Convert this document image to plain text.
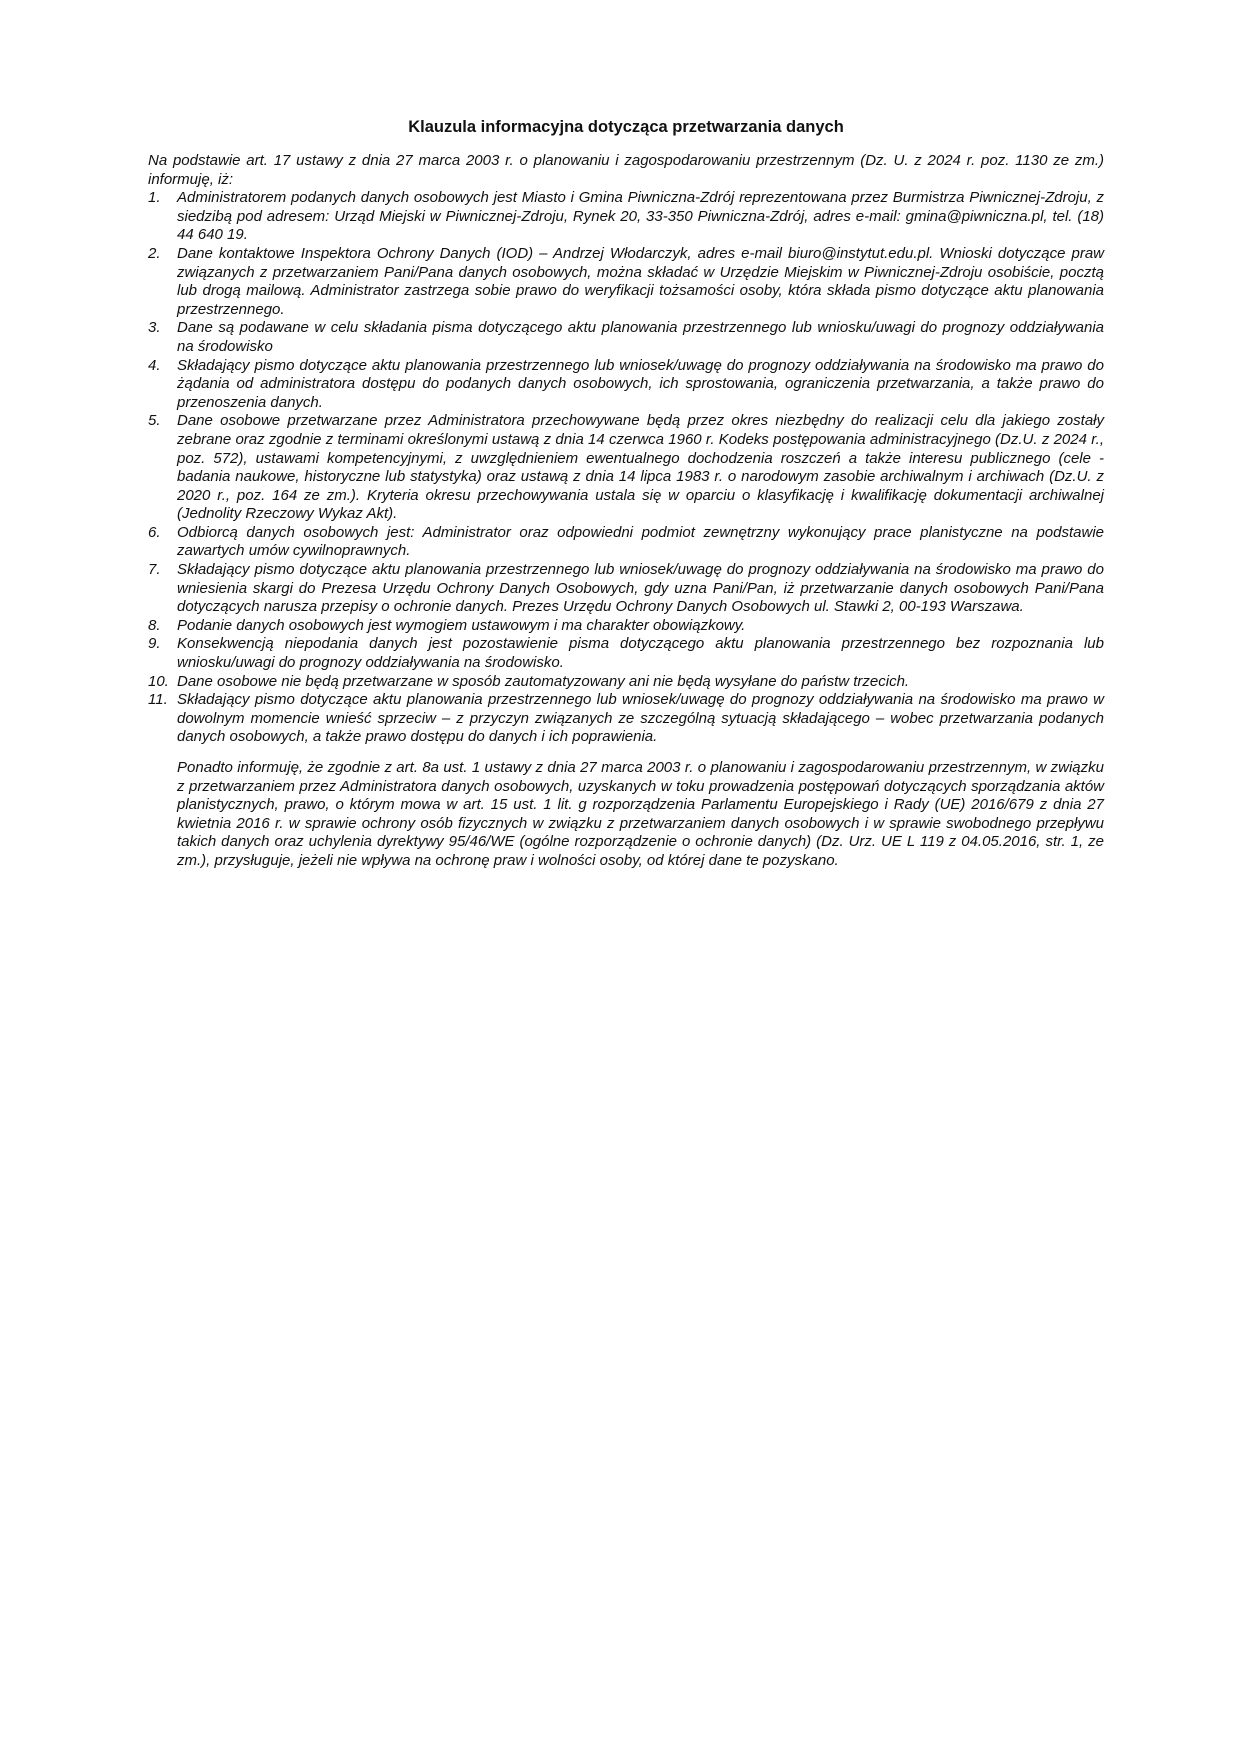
Klauzula informacyjna dotycząca przetwarzania danych

Na podstawie art. 17 ustawy z dnia 27 marca 2003 r. o planowaniu i zagospodarowaniu przestrzennym (Dz. U. z 2024 r. poz. 1130 ze zm.) informuję, iż:

1. Administratorem podanych danych osobowych jest Miasto i Gmina Piwniczna-Zdrój reprezentowana przez Burmistrza Piwnicznej-Zdroju, z siedzibą pod adresem: Urząd Miejski w Piwnicznej-Zdroju, Rynek 20, 33-350 Piwniczna-Zdrój, adres e-mail: gmina@piwniczna.pl, tel. (18) 44 640 19.
2. Dane kontaktowe Inspektora Ochrony Danych (IOD) – Andrzej Włodarczyk, adres e-mail biuro@instytut.edu.pl. Wnioski dotyczące praw związanych z przetwarzaniem Pani/Pana danych osobowych, można składać w Urzędzie Miejskim w Piwnicznej-Zdroju osobiście, pocztą lub drogą mailową. Administrator zastrzega sobie prawo do weryfikacji tożsamości osoby, która składa pismo dotyczące aktu planowania przestrzennego.
3. Dane są podawane w celu składania pisma dotyczącego aktu planowania przestrzennego lub wniosku/uwagi do prognozy oddziaływania na środowisko
4. Składający pismo dotyczące aktu planowania przestrzennego lub wniosek/uwagę do prognozy oddziaływania na środowisko ma prawo do żądania od administratora dostępu do podanych danych osobowych, ich sprostowania, ograniczenia przetwarzania, a także prawo do przenoszenia danych.
5. Dane osobowe przetwarzane przez Administratora przechowywane będą przez okres niezbędny do realizacji celu dla jakiego zostały zebrane oraz zgodnie z terminami określonymi ustawą z dnia 14 czerwca 1960 r. Kodeks postępowania administracyjnego (Dz.U. z 2024 r., poz. 572), ustawami kompetencyjnymi, z uwzględnieniem ewentualnego dochodzenia roszczeń a także interesu publicznego (cele - badania naukowe, historyczne lub statystyka) oraz ustawą z dnia 14 lipca 1983 r. o narodowym zasobie archiwalnym i archiwach (Dz.U. z 2020 r., poz. 164 ze zm.). Kryteria okresu przechowywania ustala się w oparciu o klasyfikację i kwalifikację dokumentacji archiwalnej (Jednolity Rzeczowy Wykaz Akt).
6. Odbiorcą danych osobowych jest: Administrator oraz odpowiedni podmiot zewnętrzny wykonujący prace planistyczne na podstawie zawartych umów cywilnoprawnych.
7. Składający pismo dotyczące aktu planowania przestrzennego lub wniosek/uwagę do prognozy oddziaływania na środowisko ma prawo do wniesienia skargi do Prezesa Urzędu Ochrony Danych Osobowych, gdy uzna Pani/Pan, iż przetwarzanie danych osobowych Pani/Pana dotyczących narusza przepisy o ochronie danych. Prezes Urzędu Ochrony Danych Osobowych ul. Stawki 2, 00-193 Warszawa.
8. Podanie danych osobowych jest wymogiem ustawowym i ma charakter obowiązkowy.
9. Konsekwencją niepodania danych jest pozostawienie pisma dotyczącego aktu planowania przestrzennego bez rozpoznania lub wniosku/uwagi do prognozy oddziaływania na środowisko.
10. Dane osobowe nie będą przetwarzane w sposób zautomatyzowany ani nie będą wysyłane do państw trzecich.
11. Składający pismo dotyczące aktu planowania przestrzennego lub wniosek/uwagę do prognozy oddziaływania na środowisko ma prawo w dowolnym momencie wnieść sprzeciw – z przyczyn związanych ze szczególną sytuacją składającego – wobec przetwarzania podanych danych osobowych, a także prawo dostępu do danych i ich poprawienia.

Ponadto informuję, że zgodnie z art. 8a ust. 1 ustawy z dnia 27 marca 2003 r. o planowaniu i zagospodarowaniu przestrzennym, w związku z przetwarzaniem przez Administratora danych osobowych, uzyskanych w toku prowadzenia postępowań dotyczących sporządzania aktów planistycznych, prawo, o którym mowa w art. 15 ust. 1 lit. g rozporządzenia Parlamentu Europejskiego i Rady (UE) 2016/679 z dnia 27 kwietnia 2016 r. w sprawie ochrony osób fizycznych w związku z przetwarzaniem danych osobowych i w sprawie swobodnego przepływu takich danych oraz uchylenia dyrektywy 95/46/WE (ogólne rozporządzenie o ochronie danych) (Dz. Urz. UE L 119 z 04.05.2016, str. 1, ze zm.), przysługuje, jeżeli nie wpływa na ochronę praw i wolności osoby, od której dane te pozyskano.
